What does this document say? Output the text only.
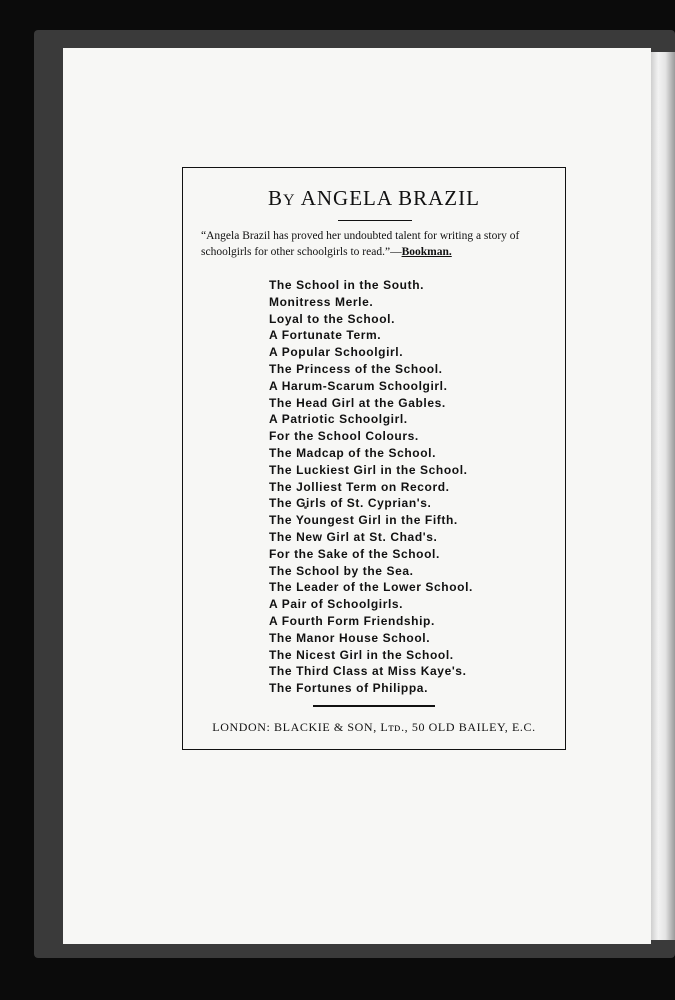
BY ANGELA BRAZIL
“Angela Brazil has proved her undoubted talent for writing a story of schoolgirls for other schoolgirls to read.”—Bookman.
The School in the South.
Monitress Merle.
Loyal to the School.
A Fortunate Term.
A Popular Schoolgirl.
The Princess of the School.
A Harum-Scarum Schoolgirl.
The Head Girl at the Gables.
A Patriotic Schoolgirl.
For the School Colours.
The Madcap of the School.
The Luckiest Girl in the School.
The Jolliest Term on Record.
The Girls of St. Cyprian's.
The Youngest Girl in the Fifth.
The New Girl at St. Chad's.
For the Sake of the School.
The School by the Sea.
The Leader of the Lower School.
A Pair of Schoolgirls.
A Fourth Form Friendship.
The Manor House School.
The Nicest Girl in the School.
The Third Class at Miss Kaye's.
The Fortunes of Philippa.
LONDON: BLACKIE & SON, Lᴛᴅ., 50 OLD BAILEY, E.C.
